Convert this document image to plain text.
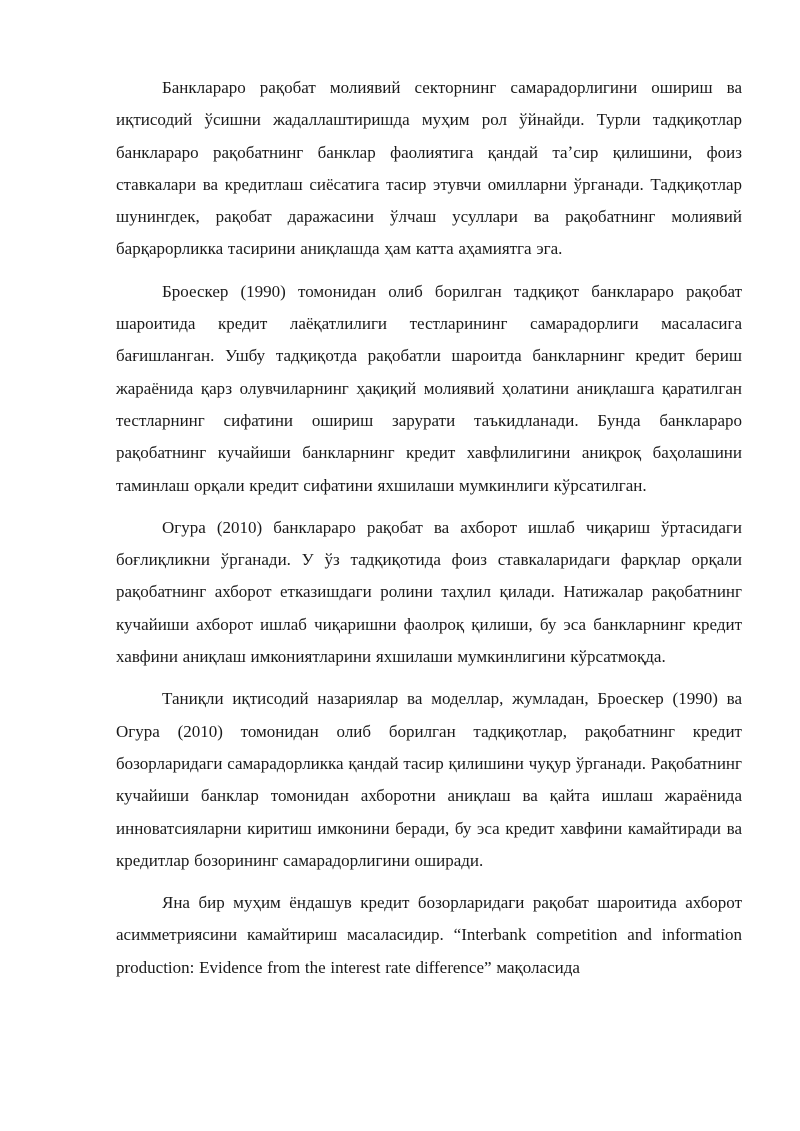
Банклараро рақобат молиявий секторнинг самарадорлигини ошириш ва иқтисодий ўсишни жадаллаштиришда муҳим рол ўйнайди. Турли тадқиқотлар банклараро рақобатнинг банклар фаолиятига қандай таʼсир қилишини, фоиз ставкалари ва кредитлаш сиёсатига тасир этувчи омилларни ўрганади. Тадқиқотлар шунингдек, рақобат даражасини ўлчаш усуллари ва рақобатнинг молиявий барқарорликка тасирини аниқлашда ҳам катта аҳамиятга эга.

Броескер (1990) томонидан олиб борилган тадқиқот банклараро рақобат шароитида кредит лаёқатлилиги тестларининг самарадорлиги масаласига бағишланган. Ушбу тадқиқотда рақобатли шароитда банкларнинг кредит бериш жараёнида қарз олувчиларнинг ҳақиқий молиявий ҳолатини аниқлашга қаратилган тестларнинг сифатини ошириш зарурати таъкидланади. Бунда банклараро рақобатнинг кучайиши банкларнинг кредит хавфлилигини аниқроқ баҳолашини таминлаш орқали кредит сифатини яхшилаши мумкинлиги кўрсатилган.

Огура (2010) банклараро рақобат ва ахборот ишлаб чиқариш ўртасидаги боғлиқликни ўрганади. У ўз тадқиқотида фоиз ставкаларидаги фарқлар орқали рақобатнинг ахборот етказишдаги ролини таҳлил қилади. Натижалар рақобатнинг кучайиши ахборот ишлаб чиқаришни фаолроқ қилиши, бу эса банкларнинг кредит хавфини аниқлаш имкониятларини яхшилаши мумкинлигини кўрсатмоқда.

Таниқли иқтисодий назариялар ва моделлар, жумладан, Броескер (1990) ва Огура (2010) томонидан олиб борилган тадқиқотлар, рақобатнинг кредит бозорларидаги самарадорликка қандай тасир қилишини чуқур ўрганади. Рақобатнинг кучайиши банклар томонидан ахборотни аниқлаш ва қайта ишлаш жараёнида инноватсияларни киритиш имконини беради, бу эса кредит хавфини камайтиради ва кредитлар бозорининг самарадорлигини оширади.

Яна бир муҳим ёндашув кредит бозорларидаги рақобат шароитида ахборот асимметриясини камайтириш масаласидир. “Interbank competition and information production: Evidence from the interest rate difference” мақоласида
